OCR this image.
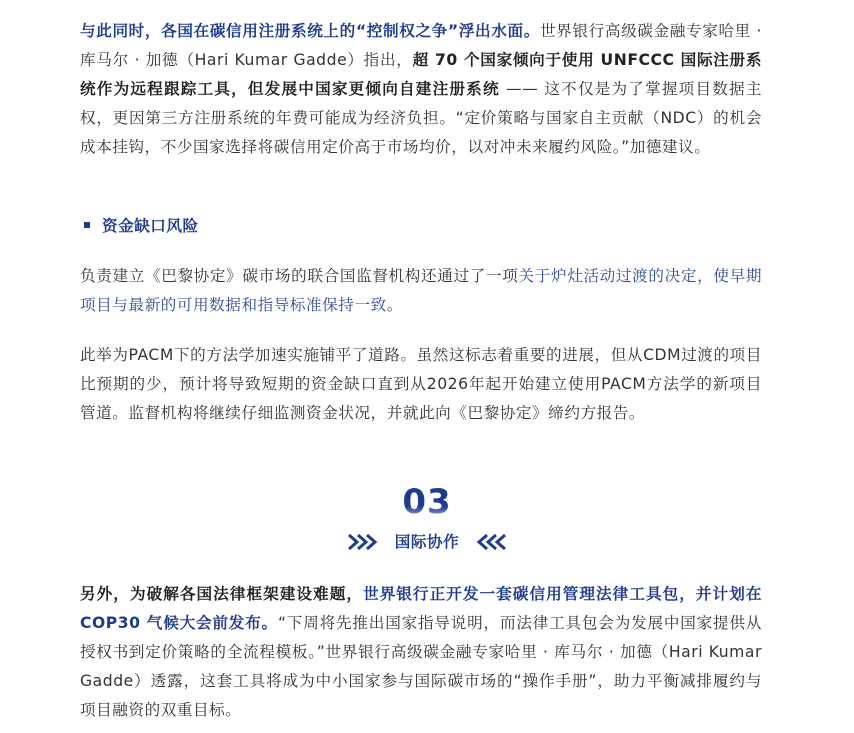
与此同时，各国在碳信用注册系统上的“控制权之争”浮出水面。世界银行高级碳金融专家哈里 · 库马尔 · 加德（Hari Kumar Gadde）指出，超 70 个国家倾向于使用 UNFCCC 国际注册系统作为远程跟踪工具，但发展中国家更倾向自建注册系统 —— 这不仅是为了掌握项目数据主权，更因第三方注册系统的年费可能成为经济负担。“定价策略与国家自主贡献（NDC）的机会成本挂钩，不少国家选择将碳信用定价高于市场均价，以对冲未来履约风险。”加德建议。

资金缺口风险

负责建立《巴黎协定》碳市场的联合国监督机构还通过了一项关于炉灶活动过渡的决定，使早期项目与最新的可用数据和指导标准保持一致。

此举为PACM下的方法学加速实施铺平了道路。虽然这标志着重要的进展，但从CDM过渡的项目比预期的少，预计将导致短期的资金缺口直到从2026年起开始建立使用PACM方法学的新项目管道。监督机构将继续仔细监测资金状况，并就此向《巴黎协定》缔约方报告。

另外，为破解各国法律框架建设难题，世界银行正开发一套碳信用管理法律工具包，并计划在 COP30 气候大会前发布。“下周将先推出国家指导说明，而法律工具包会为发展中国家提供从授权书到定价策略的全流程模板。”世界银行高级碳金融专家哈里 · 库马尔 · 加德（Hari Kumar Gadde）透露，这套工具将成为中小国家参与国际碳市场的“操作手册”，助力平衡减排履约与项目融资的双重目标。

03
国际协作
